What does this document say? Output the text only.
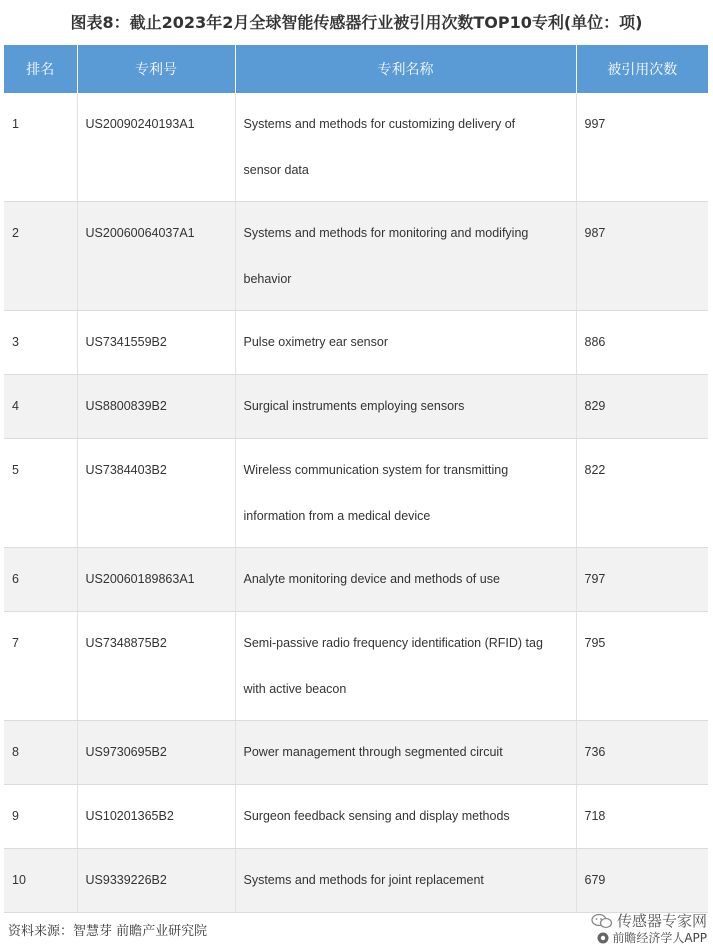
图表8：截止2023年2月全球智能传感器行业被引用次数TOP10专利(单位：项)
排名	专利号	专利名称	被引用次数

1	US20090240193A1	Systems and methods for customizing delivery of
sensor data	997

2	US20060064037A1	Systems and methods for monitoring and modifying
behavior	987

3	US7341559B2	Pulse oximetry ear sensor	886

4	US8800839B2	Surgical instruments employing sensors	829

5	US7384403B2	Wireless communication system for transmitting
information from a medical device	822

6	US20060189863A1	Analyte monitoring device and methods of use	797

7	US7348875B2	Semi-passive radio frequency identification (RFID) tag
with active beacon	795

8	US9730695B2	Power management through segmented circuit	736

9	US10201365B2	Surgeon feedback sensing and display methods	718

10	US9339226B2	Systems and methods for joint replacement	679
资料来源：智慧芽 前瞻产业研究院
传感器专家网
前瞻经济学人APP
